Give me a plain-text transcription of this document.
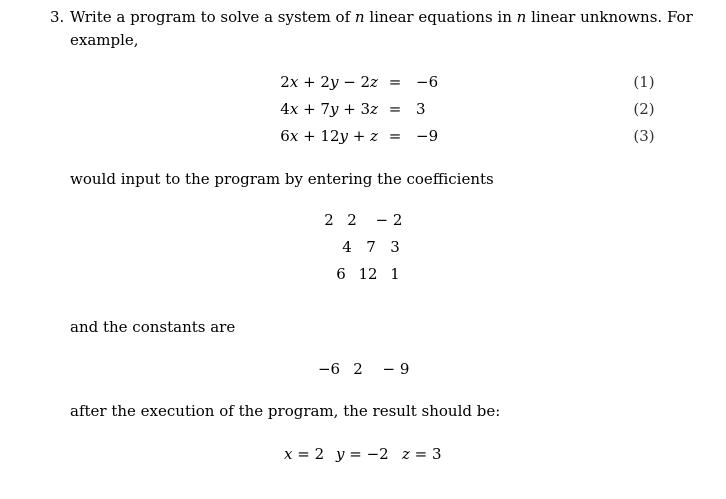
3. Write a program to solve a system of n linear equations in n linear unknowns. For
example,
2x + 2y − 2z = −6	(1)
4x + 7y + 3z = 3	(2)
6x + 12y + z = −9	(3)
would input to the program by entering the coefficients
2 2	− 2
4 7 3
6 12 1
and the constants are
−6 2	− 9
after the execution of the program, the result should be:
x = 2 y = −2 z = 3
